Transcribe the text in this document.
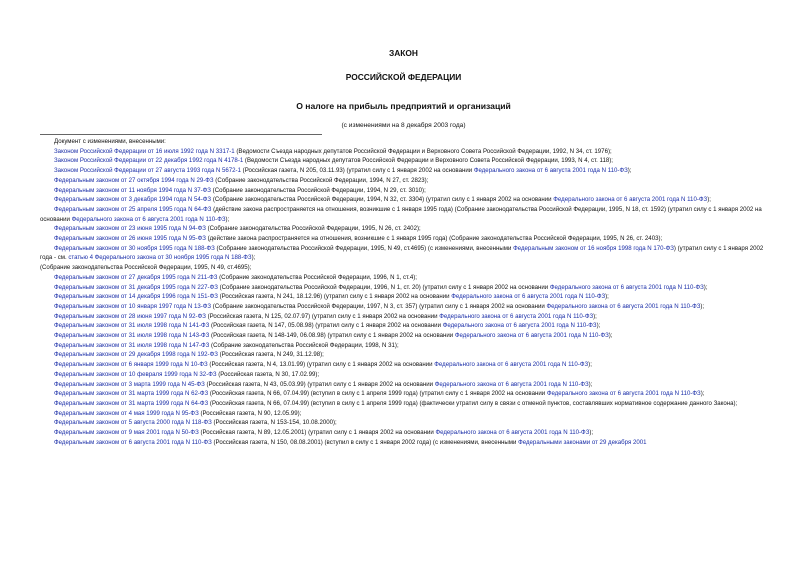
ЗАКОН
РОССИЙСКОЙ ФЕДЕРАЦИИ
О налоге на прибыль предприятий и организаций
(с изменениями на 8 декабря 2003 года)

Документ с изменениями, внесенными:

Законом Российской Федерации от 16 июля 1992 года N 3317-1 (Ведомости Съезда народных депутатов Российской Федерации и Верховного Совета Российской Федерации, 1992, N 34, ст. 1976);

Законом Российской Федерации от 22 декабря 1992 года N 4178-1 (Ведомости Съезда народных депутатов Российской Федерации и Верховного Совета Российской Федерации, 1993, N 4, ст. 118);

Законом Российской Федерации от 27 августа 1993 года N 5672-1 (Российская газета, N 205, 03.11.93) (утратил силу с 1 января 2002 на основании Федерального закона от 6 августа 2001 года N 110-ФЗ);

Федеральным законом от 27 октября 1994 года N 29-ФЗ (Собрание законодательства Российской Федерации, 1994, N 27, ст. 2823);

Федеральным законом от 11 ноября 1994 года N 37-ФЗ (Собрание законодательства Российской Федерации, 1994, N 29, ст. 3010);

Федеральным законом от 3 декабря 1994 года N 54-ФЗ (Собрание законодательства Российской Федерации, 1994, N 32, ст. 3304) (утратил силу с 1 января 2002 на основании Федерального закона от 6 августа 2001 года N 110-ФЗ);

Федеральным законом от 25 апреля 1995 года N 64-ФЗ (действие закона распространяется на отношения, возникшие с 1 января 1995 года) (Собрание законодательства Российской Федерации, 1995, N 18, ст. 1592) (утратил силу с 1 января 2002 на основании Федерального закона от 6 августа 2001 года N 110-ФЗ);

Федеральным законом от 23 июня 1995 года N 94-ФЗ (Собрание законодательства Российской Федерации, 1995, N 26, ст. 2402);

Федеральным законом от 26 июня 1995 года N 95-ФЗ (действие закона распространяется на отношения, возникшие с 1 января 1995 года) (Собрание законодательства Российской Федерации, 1995, N 26, ст. 2403);

Федеральным законом от 30 ноября 1995 года N 188-ФЗ (Собрание законодательства Российской Федерации, 1995, N 49, ст.4695) (с изменениями, внесенными Федеральным законом от 16 ноября 1998 года N 170-ФЗ) (утратил силу с 1 января 2002 года - см. статью 4 Федерального закона от 30 ноября 1995 года N 188-ФЗ);

(Собрание законодательства Российской Федерации, 1995, N 49, ст.4695);

Федеральным законом от 27 декабря 1995 года N 211-ФЗ (Собрание законодательства Российской Федерации, 1996, N 1, ст.4);

Федеральным законом от 31 декабря 1995 года N 227-ФЗ (Собрание законодательства Российской Федерации, 1996, N 1, ст. 20) (утратил силу с 1 января 2002 на основании Федерального закона от 6 августа 2001 года N 110-ФЗ);

Федеральным законом от 14 декабря 1996 года N 151-ФЗ (Российская газета, N 241, 18.12.96) (утратил силу с 1 января 2002 на основании Федерального закона от 6 августа 2001 года N 110-ФЗ);

Федеральным законом от 10 января 1997 года N 13-ФЗ (Собрание законодательства Российской Федерации, 1997, N 3, ст. 357) (утратил силу с 1 января 2002 на основании Федерального закона от 6 августа 2001 года N 110-ФЗ);

Федеральным законом от 28 июня 1997 года N 92-ФЗ (Российская газета, N 125, 02.07.97) (утратил силу с 1 января 2002 на основании Федерального закона от 6 августа 2001 года N 110-ФЗ);

Федеральным законом от 31 июля 1998 года N 141-ФЗ (Российская газета, N 147, 05.08.98) (утратил силу с 1 января 2002 на основании Федерального закона от 6 августа 2001 года N 110-ФЗ);

Федеральным законом от 31 июля 1998 года N 143-ФЗ (Российская газета, N 148-149, 06.08.98) (утратил силу с 1 января 2002 на основании Федерального закона от 6 августа 2001 года N 110-ФЗ);

Федеральным законом от 31 июля 1998 года N 147-ФЗ (Собрание законодательства Российской Федерации, 1998, N 31);

Федеральным законом от 29 декабря 1998 года N 192-ФЗ (Российская газета, N 249, 31.12.98);

Федеральным законом от 6 января 1999 года N 10-ФЗ (Российская газета, N 4, 13.01.99) (утратил силу с 1 января 2002 на основании Федерального закона от 6 августа 2001 года N 110-ФЗ);

Федеральным законом от 10 февраля 1999 года N 32-ФЗ (Российская газета, N 30, 17.02.99);

Федеральным законом от 3 марта 1999 года N 45-ФЗ (Российская газета, N 43, 05.03.99) (утратил силу с 1 января 2002 на основании Федерального закона от 6 августа 2001 года N 110-ФЗ);

Федеральным законом от 31 марта 1999 года N 62-ФЗ (Российская газета, N 66, 07.04.99) (вступил в силу с 1 апреля 1999 года) (утратил силу с 1 января 2002 на основании Федерального закона от 6 августа 2001 года N 110-ФЗ);

Федеральным законом от 31 марта 1999 года N 64-ФЗ (Российская газета, N 66, 07.04.99) (вступил в силу с 1 апреля 1999 года) (фактически утратил силу в связи с отменой пунктов, составлявших нормативное содержание данного Закона);

Федеральным законом от 4 мая 1999 года N 95-ФЗ (Российская газета, N 90, 12.05.99);

Федеральным законом от 5 августа 2000 года N 118-ФЗ (Российская газета, N 153-154, 10.08.2000);

Федеральным законом от 9 мая 2001 года N 50-ФЗ (Российская газета, N 89, 12.05.2001) (утратил силу с 1 января 2002 на основании Федерального закона от 6 августа 2001 года N 110-ФЗ);

Федеральным законом от 6 августа 2001 года N 110-ФЗ (Российская газета, N 150, 08.08.2001) (вступил в силу с 1 января 2002 года) (с изменениями, внесенными Федеральными законами от 29 декабря 2001
